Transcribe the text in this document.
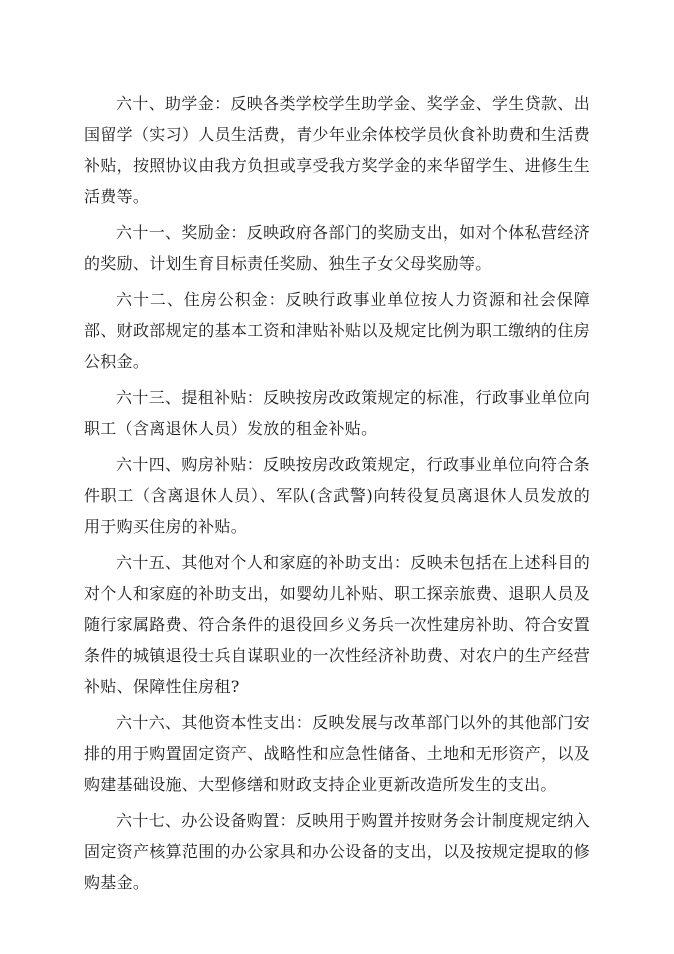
六十、助学金：反映各类学校学生助学金、奖学金、学生贷款、出国留学（实习）人员生活费，青少年业余体校学员伙食补助费和生活费补贴，按照协议由我方负担或享受我方奖学金的来华留学生、进修生生活费等。

六十一、奖励金：反映政府各部门的奖励支出，如对个体私营经济的奖励、计划生育目标责任奖励、独生子女父母奖励等。

六十二、住房公积金：反映行政事业单位按人力资源和社会保障部、财政部规定的基本工资和津贴补贴以及规定比例为职工缴纳的住房公积金。

六十三、提租补贴：反映按房改政策规定的标准，行政事业单位向职工（含离退休人员）发放的租金补贴。

六十四、购房补贴：反映按房改政策规定，行政事业单位向符合条件职工（含离退休人员）、军队(含武警)向转役复员离退休人员发放的用于购买住房的补贴。

六十五、其他对个人和家庭的补助支出：反映未包括在上述科目的对个人和家庭的补助支出，如婴幼儿补贴、职工探亲旅费、退职人员及随行家属路费、符合条件的退役回乡义务兵一次性建房补助、符合安置条件的城镇退役士兵自谋职业的一次性经济补助费、对农户的生产经营补贴、保障性住房租?

六十六、其他资本性支出：反映发展与改革部门以外的其他部门安排的用于购置固定资产、战略性和应急性储备、土地和无形资产，以及购建基础设施、大型修缮和财政支持企业更新改造所发生的支出。

六十七、办公设备购置：反映用于购置并按财务会计制度规定纳入固定资产核算范围的办公家具和办公设备的支出，以及按规定提取的修购基金。
